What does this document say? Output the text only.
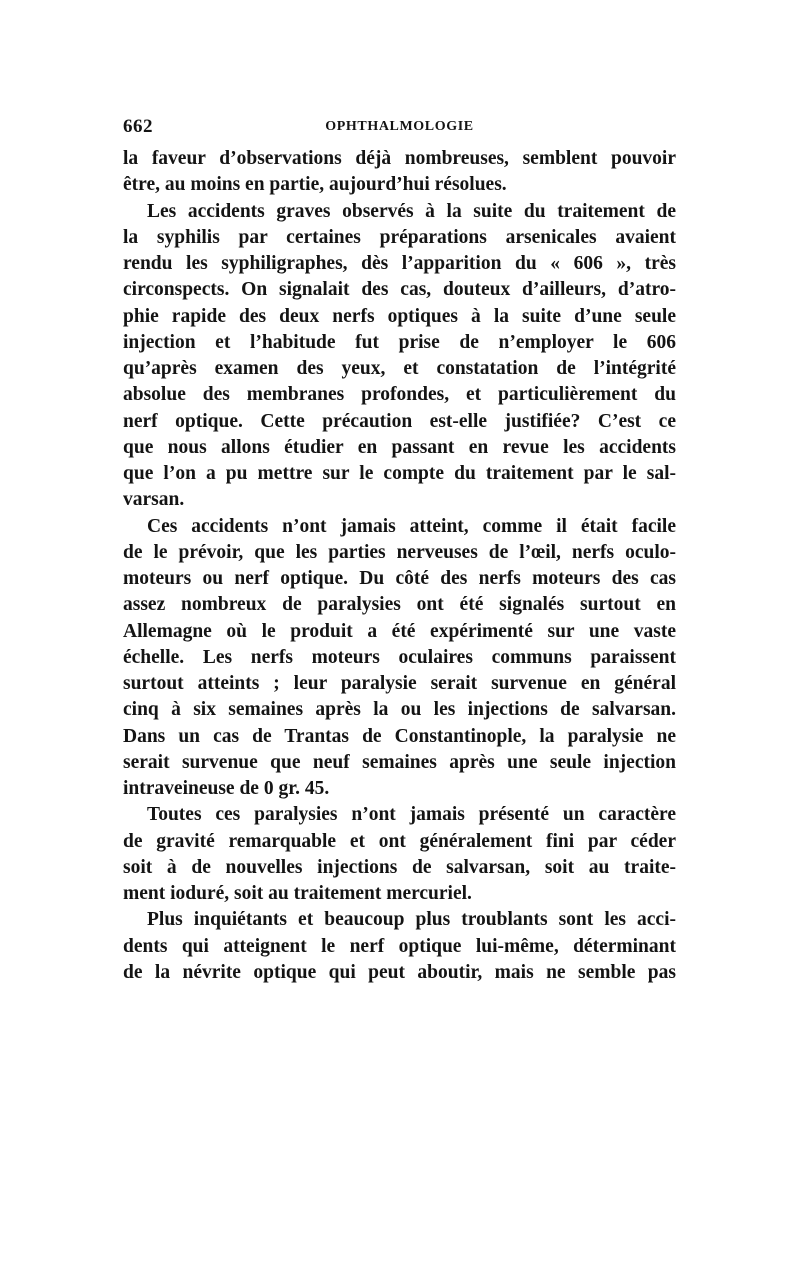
662	OPHTHALMOLOGIE
la faveur d’observations déjà nombreuses, semblent pouvoir
être, au moins en partie, aujourd’hui résolues.
Les accidents graves observés à la suite du traitement de
la syphilis par certaines préparations arsenicales avaient
rendu les syphiligraphes, dès l’apparition du « 606 », très
circonspects. On signalait des cas, douteux d’ailleurs, d’atro-
phie rapide des deux nerfs optiques à la suite d’une seule
injection et l’habitude fut prise de n’employer le 606
qu’après examen des yeux, et constatation de l’intégrité
absolue des membranes profondes, et particulièrement du
nerf optique. Cette précaution est-elle justifiée? C’est ce
que nous allons étudier en passant en revue les accidents
que l’on a pu mettre sur le compte du traitement par le sal-
varsan.
Ces accidents n’ont jamais atteint, comme il était facile
de le prévoir, que les parties nerveuses de l’œil, nerfs oculo-
moteurs ou nerf optique. Du côté des nerfs moteurs des cas
assez nombreux de paralysies ont été signalés surtout en
Allemagne où le produit a été expérimenté sur une vaste
échelle. Les nerfs moteurs oculaires communs paraissent
surtout atteints ; leur paralysie serait survenue en général
cinq à six semaines après la ou les injections de salvarsan.
Dans un cas de Trantas de Constantinople, la paralysie ne
serait survenue que neuf semaines après une seule injection
intraveineuse de 0 gr. 45.
Toutes ces paralysies n’ont jamais présenté un caractère
de gravité remarquable et ont généralement fini par céder
soit à de nouvelles injections de salvarsan, soit au traite-
ment ioduré, soit au traitement mercuriel.
Plus inquiétants et beaucoup plus troublants sont les acci-
dents qui atteignent le nerf optique lui-même, déterminant
de la névrite optique qui peut aboutir, mais ne semble pas
